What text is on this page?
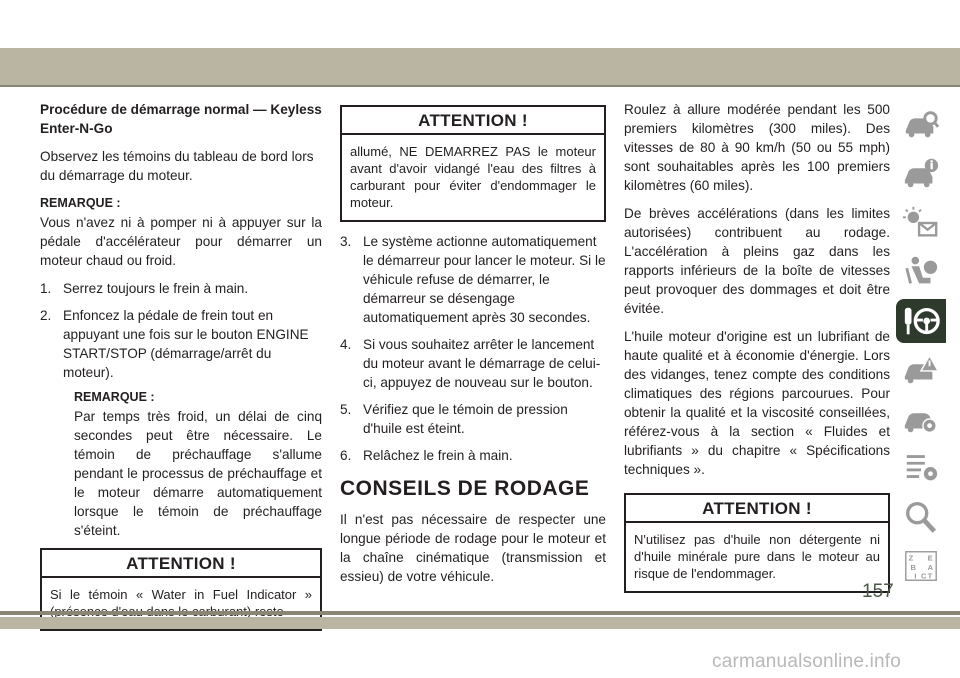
Procédure de démarrage normal — Keyless Enter-N-Go

Observez les témoins du tableau de bord lors du démarrage du moteur.

REMARQUE :

Vous n'avez ni à pomper ni à appuyer sur la pédale d'accélérateur pour démarrer un moteur chaud ou froid.

1. Serrez toujours le frein à main.
2. Enfoncez la pédale de frein tout en appuyant une fois sur le bouton ENGINE START/STOP (démarrage/arrêt du moteur).

REMARQUE :

Par temps très froid, un délai de cinq secondes peut être nécessaire. Le témoin de préchauffage s'allume pendant le processus de préchauffage et le moteur démarre automatiquement lorsque le témoin de préchauffage s'éteint.

ATTENTION !
Si le témoin « Water in Fuel Indicator »
ATTENTION !
allumé, NE DEMARREZ PAS le moteur avant d'avoir vidangé l'eau des filtres à carburant pour éviter d'endommager le moteur.
3. Le système actionne automatiquement le démarreur pour lancer le moteur. Si le véhicule refuse de démarrer, le démarreur se désengage automatiquement après 30 secondes.
4. Si vous souhaitez arrêter le lancement du moteur avant le démarrage de celui-ci, appuyez de nouveau sur le bouton.
5. Vérifiez que le témoin de pression d'huile est éteint.
6. Relâchez le frein à main.
CONSEILS DE RODAGE

Il n'est pas nécessaire de respecter une longue période de rodage pour le moteur et la chaîne cinématique (transmission et essieu) de votre véhicule.

Roulez à allure modérée pendant les 500 premiers kilomètres (300 miles). Des vitesses de 80 à 90 km/h (50 ou 55 mph) sont souhaitables après les 100 premiers kilomètres (60 miles).

De brèves accélérations (dans les limites autorisées) contribuent au rodage. L'accélération à pleins gaz dans les rapports inférieurs de la boîte de vitesses peut provoquer des dommages et doit être évitée.

L'huile moteur d'origine est un lubrifiant de haute qualité et à économie d'énergie. Lors des vidanges, tenez compte des conditions climatiques des régions parcourues. Pour obtenir la qualité et la viscosité conseillées, référez-vous à la section « Fluides et lubrifiants » du chapitre « Spécifications techniques ».

ATTENTION !
N'utilisez pas d'huile non détergente ni d'huile minérale pure dans le moteur au risque de l'endommager.
Z E
B A
I C T
157
carmanualsonline.info
